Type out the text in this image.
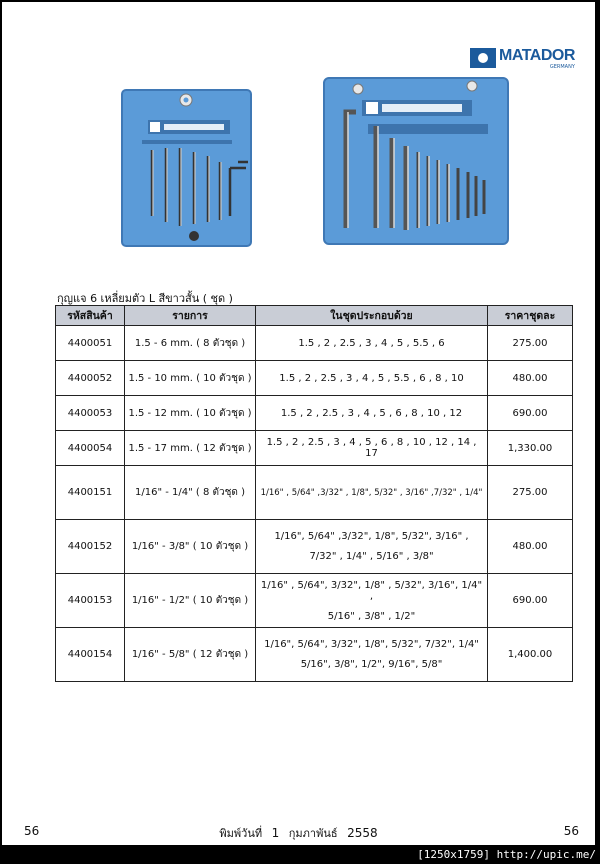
MATADOR
GERMANY
กุญแจ 6 เหลี่ยมตัว L สีขาวสั้น ( ชุด )
รหัสสินค้า	รายการ	ในชุดประกอบด้วย	ราคาชุดละ
4400051	1.5 - 6 mm. ( 8 ตัวชุด )	1.5 , 2 , 2.5 , 3 , 4 , 5 , 5.5 , 6	275.00
4400052	1.5 - 10 mm. ( 10 ตัวชุด )	1.5 , 2 , 2.5 , 3 , 4 , 5 , 5.5 , 6 , 8 , 10	480.00
4400053	1.5 - 12 mm. ( 10 ตัวชุด )	1.5 , 2 , 2.5 , 3 , 4 , 5 , 6 , 8 , 10 , 12	690.00
4400054	1.5 - 17 mm. ( 12 ตัวชุด )	1.5 , 2 , 2.5 , 3 , 4 , 5 , 6 , 8 , 10 , 12 , 14 , 17	1,330.00
4400151	1/16" - 1/4" ( 8 ตัวชุด )	1/16" , 5/64" ,3/32" , 1/8", 5/32" , 3/16" ,7/32" , 1/4"	275.00
4400152	1/16" - 3/8" ( 10 ตัวชุด )	1/16", 5/64" ,3/32", 1/8", 5/32", 3/16" ,
7/32" , 1/4" , 5/16" , 3/8"	480.00
4400153	1/16" - 1/2" ( 10 ตัวชุด )	1/16" , 5/64", 3/32", 1/8" , 5/32", 3/16", 1/4" ,
5/16" , 3/8" , 1/2"	690.00
4400154	1/16" - 5/8" ( 12 ตัวชุด )	1/16", 5/64", 3/32", 1/8", 5/32", 7/32", 1/4"
5/16", 3/8", 1/2", 9/16", 5/8"	1,400.00
56	พิมพ์วันที่ 1 กุมภาพันธ์ 2558	56
[1250x1759] http://upic.me/
